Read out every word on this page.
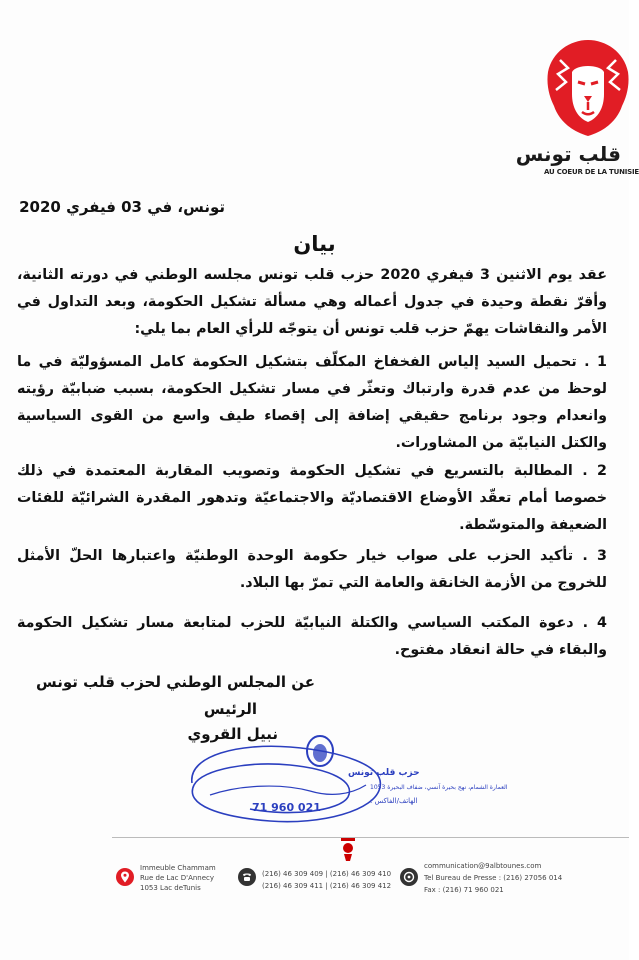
قلب تونس
AU COEUR DE LA TUNISIE
تونس، في 03 فيفري 2020
بيان
عقد يوم الاثنين 3 فيفري 2020 حزب قلب تونس مجلسه الوطني في دورته الثانية، وأقرّ نقطة وحيدة في جدول أعماله وهي مسألة تشكيل الحكومة، وبعد التداول في الأمر والنقاشات يهمّ حزب قلب تونس أن يتوجّه للرأي العام بما يلي:
1 . تحميل السيد إلياس الفخفاخ المكلّف بتشكيل الحكومة كامل المسؤوليّة في ما لوحظ من عدم قدرة وارتباك وتعثّر في مسار تشكيل الحكومة، بسبب ضبابيّة رؤيته وانعدام وجود برنامج حقيقي إضافة إلى إقصاء طيف واسع من القوى السياسية والكتل النيابيّة من المشاورات.
2 . المطالبة بالتسريع في تشكيل الحكومة وتصويب المقاربة المعتمدة في ذلك خصوصا أمام تعقّد الأوضاع الاقتصاديّة والاجتماعيّة وتدهور المقدرة الشرائيّة للفئات الضعيفة والمتوسّطة.
3 . تأكيد الحزب على صواب خيار حكومة الوحدة الوطنيّة واعتبارها الحلّ الأمثل للخروج من الأزمة الخانقة والعامة التي تمرّ بها البلاد.
4 . دعوة المكتب السياسي والكتلة النيابيّة للحزب لمتابعة مسار تشكيل الحكومة والبقاء في حالة انعقاد مفتوح.
عن المجلس الوطني لحزب قلب تونس
الرئيس
نبيل القروي
حزب قلب تونس
العمارة الشمام، نهج بحيرة آنسي، ضفاف البحيرة 1053
الهاتف/الفاكس :
71 960 021
Immeuble Chammam
Rue de Lac D'Annecy
1053 Lac deTunis
(216) 46 309 409 | (216) 46 309 410
(216) 46 309 411 | (216) 46 309 412
communication@9albtounes.com
Tel Bureau de Presse : (216) 27056 014
Fax : (216) 71 960 021
